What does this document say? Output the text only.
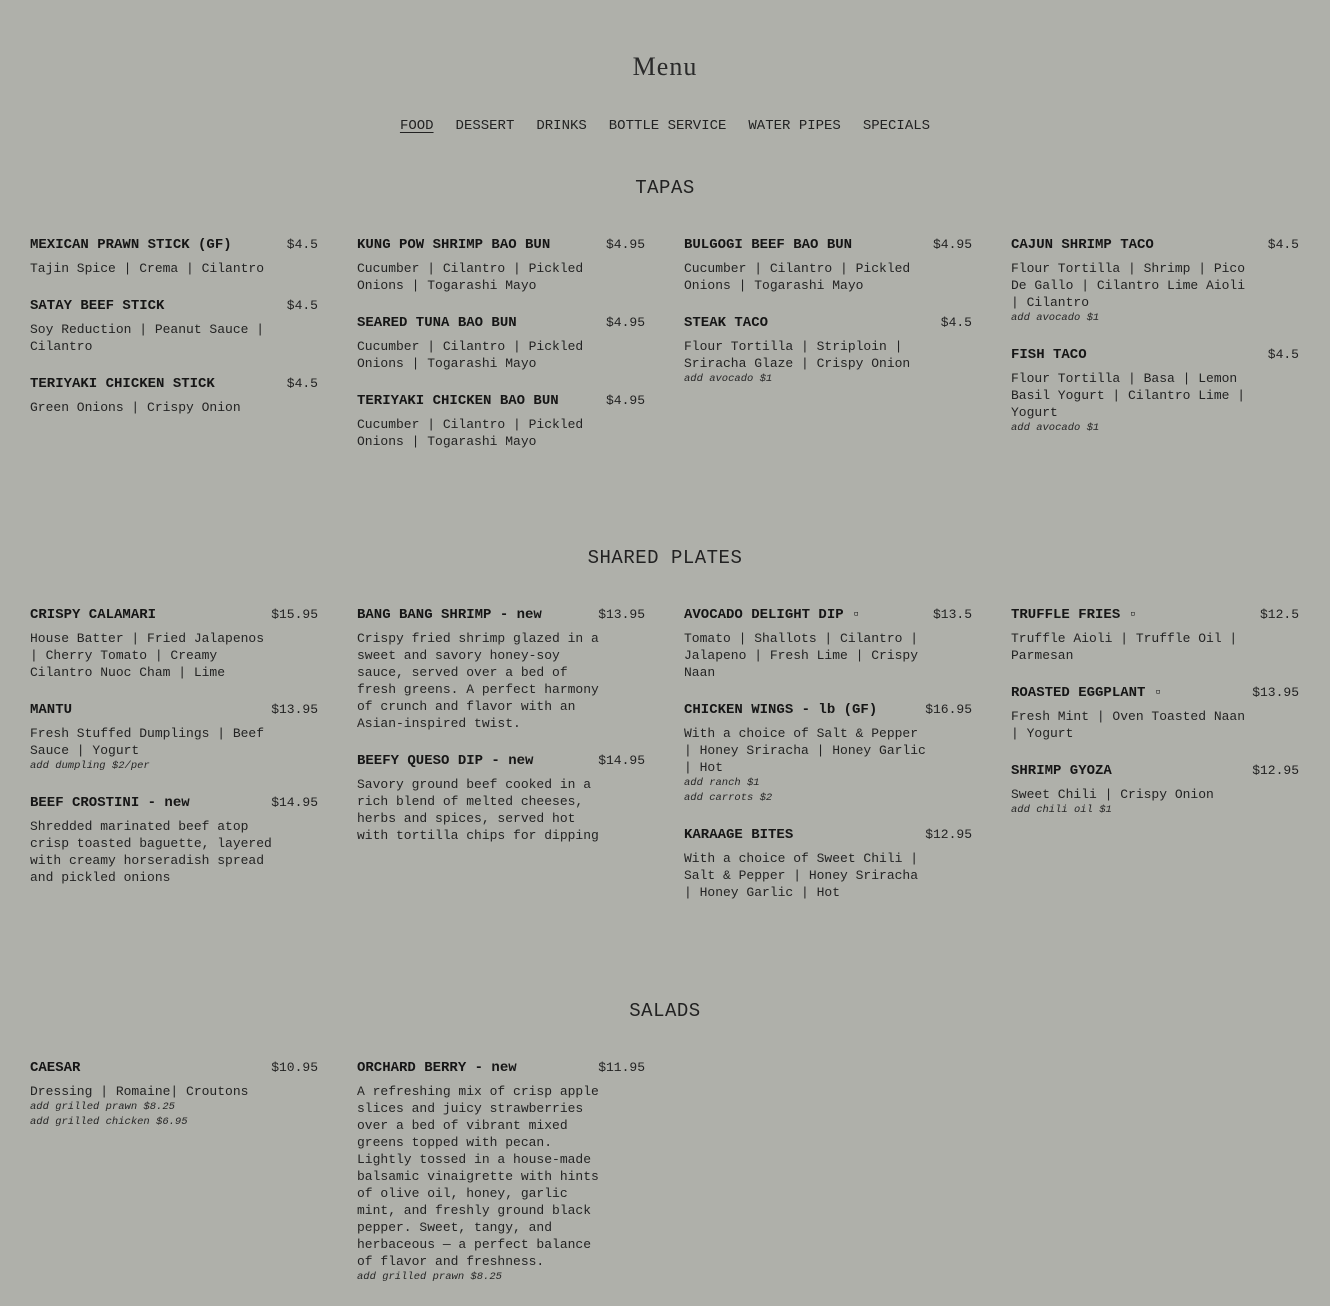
Menu
FOOD DESSERT DRINKS BOTTLE SERVICE WATER PIPES SPECIALS
TAPAS
MEXICAN PRAWN STICK (GF)	$4.5
Tajin Spice | Crema | Cilantro
SATAY BEEF STICK	$4.5
Soy Reduction | Peanut Sauce | Cilantro
TERIYAKI CHICKEN STICK	$4.5
Green Onions | Crispy Onion
KUNG POW SHRIMP BAO BUN	$4.95
Cucumber | Cilantro | Pickled Onions | Togarashi Mayo
SEARED TUNA BAO BUN	$4.95
Cucumber | Cilantro | Pickled Onions | Togarashi Mayo
TERIYAKI CHICKEN BAO BUN	$4.95
Cucumber | Cilantro | Pickled Onions | Togarashi Mayo
BULGOGI BEEF BAO BUN	$4.95
Cucumber | Cilantro | Pickled Onions | Togarashi Mayo
STEAK TACO	$4.5
Flour Tortilla | Striploin | Sriracha Glaze | Crispy Onion
add avocado $1
CAJUN SHRIMP TACO	$4.5
Flour Tortilla | Shrimp | Pico De Gallo | Cilantro Lime Aioli | Cilantro
add avocado $1
FISH TACO	$4.5
Flour Tortilla | Basa | Lemon Basil Yogurt | Cilantro Lime | Yogurt
add avocado $1
SHARED PLATES
CRISPY CALAMARI	$15.95
House Batter | Fried Jalapenos | Cherry Tomato | Creamy Cilantro Nuoc Cham | Lime
MANTU	$13.95
Fresh Stuffed Dumplings | Beef Sauce | Yogurt
add dumpling $2/per
BEEF CROSTINI - new	$14.95
Shredded marinated beef atop crisp toasted baguette, layered with creamy horseradish spread and pickled onions
BANG BANG SHRIMP - new	$13.95
Crispy fried shrimp glazed in a sweet and savory honey-soy sauce, served over a bed of fresh greens. A perfect harmony of crunch and flavor with an Asian-inspired twist.
BEEFY QUESO DIP - new	$14.95
Savory ground beef cooked in a rich blend of melted cheeses, herbs and spices, served hot with tortilla chips for dipping
AVOCADO DELIGHT DIP ▫	$13.5
Tomato | Shallots | Cilantro | Jalapeno | Fresh Lime | Crispy Naan
CHICKEN WINGS - lb (GF)	$16.95
With a choice of Salt & Pepper | Honey Sriracha | Honey Garlic | Hot
add ranch $1
add carrots $2
KARAAGE BITES	$12.95
With a choice of Sweet Chili | Salt & Pepper | Honey Sriracha | Honey Garlic | Hot
TRUFFLE FRIES ▫	$12.5
Truffle Aioli | Truffle Oil | Parmesan
ROASTED EGGPLANT ▫	$13.95
Fresh Mint | Oven Toasted Naan | Yogurt
SHRIMP GYOZA	$12.95
Sweet Chili | Crispy Onion
add chili oil $1
SALADS
CAESAR	$10.95
Dressing | Romaine| Croutons
add grilled prawn $8.25
add grilled chicken $6.95
ORCHARD BERRY - new	$11.95
A refreshing mix of crisp apple slices and juicy strawberries over a bed of vibrant mixed greens topped with pecan. Lightly tossed in a house-made balsamic vinaigrette with hints of olive oil, honey, garlic mint, and freshly ground black pepper. Sweet, tangy, and herbaceous — a perfect balance of flavor and freshness.
add grilled prawn $8.25
